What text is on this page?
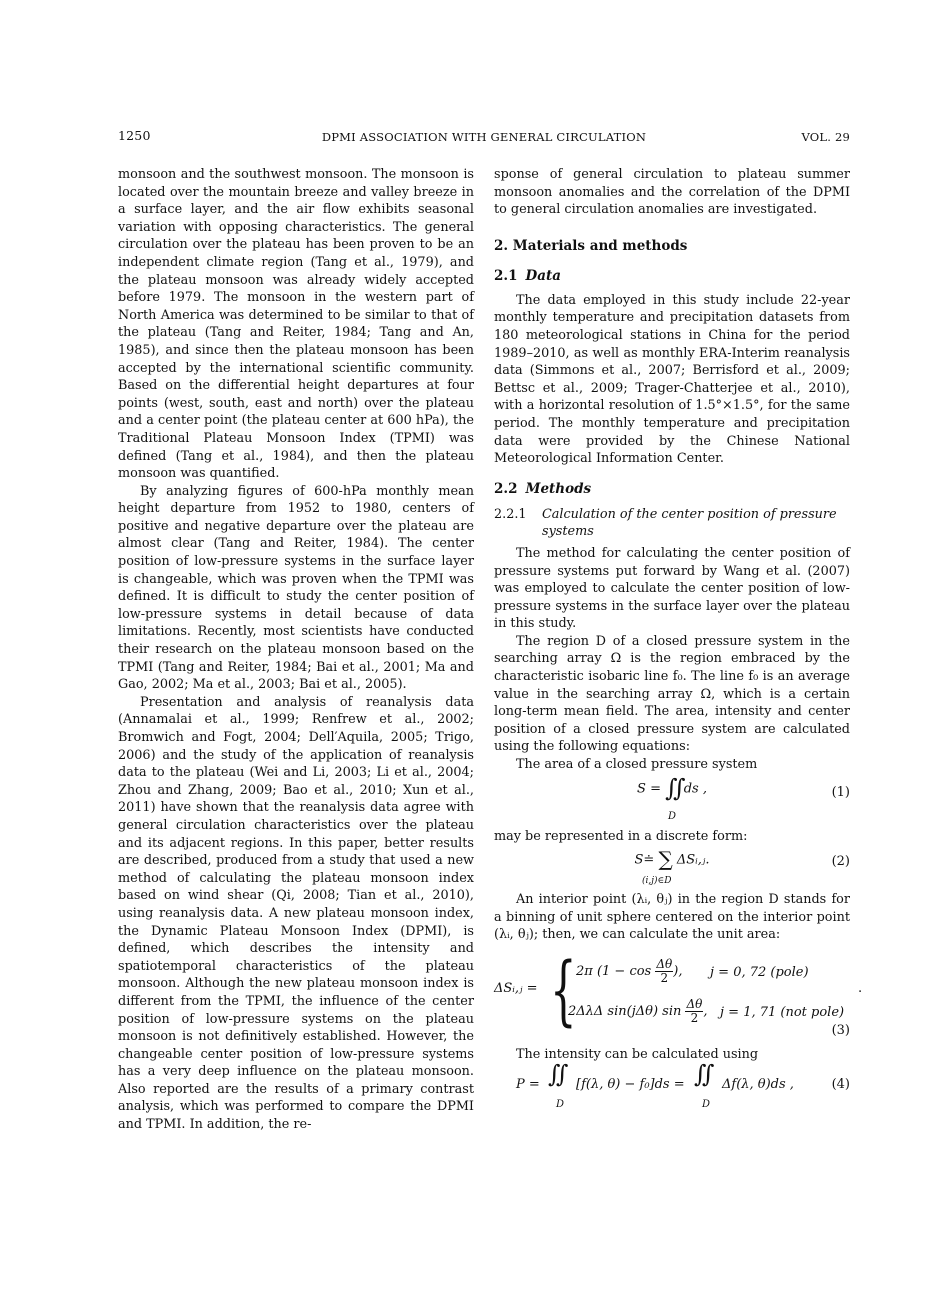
1250	DPMI ASSOCIATION WITH GENERAL CIRCULATION	VOL. 29

monsoon and the southwest monsoon. The monsoon is located over the mountain breeze and valley breeze in a surface layer, and the air flow exhibits seasonal variation with opposing characteristics. The general circulation over the plateau has been proven to be an independent climate region (Tang et al., 1979), and the plateau monsoon was already widely accepted before 1979. The monsoon in the western part of North America was determined to be similar to that of the plateau (Tang and Reiter, 1984; Tang and An, 1985), and since then the plateau monsoon has been accepted by the international scientific community. Based on the differential height departures at four points (west, south, east and north) over the plateau and a center point (the plateau center at 600 hPa), the Traditional Plateau Monsoon Index (TPMI) was defined (Tang et al., 1984), and then the plateau monsoon was quantified.

By analyzing figures of 600-hPa monthly mean height departure from 1952 to 1980, centers of positive and negative departure over the plateau are almost clear (Tang and Reiter, 1984). The center position of low-pressure systems in the surface layer is changeable, which was proven when the TPMI was defined. It is difficult to study the center position of low-pressure systems in detail because of data limitations. Recently, most scientists have conducted their research on the plateau monsoon based on the TPMI (Tang and Reiter, 1984; Bai et al., 2001; Ma and Gao, 2002; Ma et al., 2003; Bai et al., 2005).

Presentation and analysis of reanalysis data (Annamalai et al., 1999; Renfrew et al., 2002; Bromwich and Fogt, 2004; Dell′Aquila, 2005; Trigo, 2006) and the study of the application of reanalysis data to the plateau (Wei and Li, 2003; Li et al., 2004; Zhou and Zhang, 2009; Bao et al., 2010; Xun et al., 2011) have shown that the reanalysis data agree with general circulation characteristics over the plateau and its adjacent regions. In this paper, better results are described, produced from a study that used a new method of calculating the plateau monsoon index based on wind shear (Qi, 2008; Tian et al., 2010), using reanalysis data. A new plateau monsoon index, the Dynamic Plateau Monsoon Index (DPMI), is defined, which describes the intensity and spatiotemporal characteristics of the plateau monsoon. Although the new plateau monsoon index is different from the TPMI, the influence of the center position of low-pressure systems on the plateau monsoon is not definitively established. However, the changeable center position of low-pressure systems has a very deep influence on the plateau monsoon. Also reported are the results of a primary contrast analysis, which was performed to compare the DPMI and TPMI. In addition, the re-

sponse of general circulation to plateau summer monsoon anomalies and the correlation of the DPMI to general circulation anomalies are investigated.

2. Materials and methods
2.1 Data

The data employed in this study include 22-year monthly temperature and precipitation datasets from 180 meteorological stations in China for the period 1989–2010, as well as monthly ERA-Interim reanalysis data (Simmons et al., 2007; Berrisford et al., 2009; Bettsc et al., 2009; Trager-Chatterjee et al., 2010), with a horizontal resolution of 1.5°×1.5°, for the same period. The monthly temperature and precipitation data were provided by the Chinese National Meteorological Information Center.

2.2 Methods
2.2.1	Calculation of the center position of pressure systems

The method for calculating the center position of pressure systems put forward by Wang et al. (2007) was employed to calculate the center position of low-pressure systems in the surface layer over the plateau in this study.

The region D of a closed pressure system in the searching array Ω is the region embraced by the characteristic isobaric line f₀. The line f₀ is an average value in the searching array Ω, which is a certain long-term mean field. The area, intensity and center position of a closed pressure system are calculated using the following equations:

The area of a closed pressure system

S = ∬ ds ,
D
(1)

may be represented in a discrete form:

S≐ ∑ ΔSᵢ,ⱼ.
(i,j)∈D
(2)

An interior point (λᵢ, θⱼ) in the region D stands for a binning of unit sphere centered on the interior point (λᵢ, θⱼ); then, we can calculate the unit area:

ΔSᵢ,ⱼ = { 2π ($1 - \cos \frac{\Delta\theta}{2}$ ), j = 0, 72 (pole)
2ΔλΔ sin(jΔθ) $\sin \frac{\Delta\theta}{2}$ , j = 1, 71 (not pole)
.
(3)

The intensity can be calculated using

P = ∬
D
[f(λ, θ) − f₀]ds = ∬
D
Δf(λ, θ)ds ,	(4)
